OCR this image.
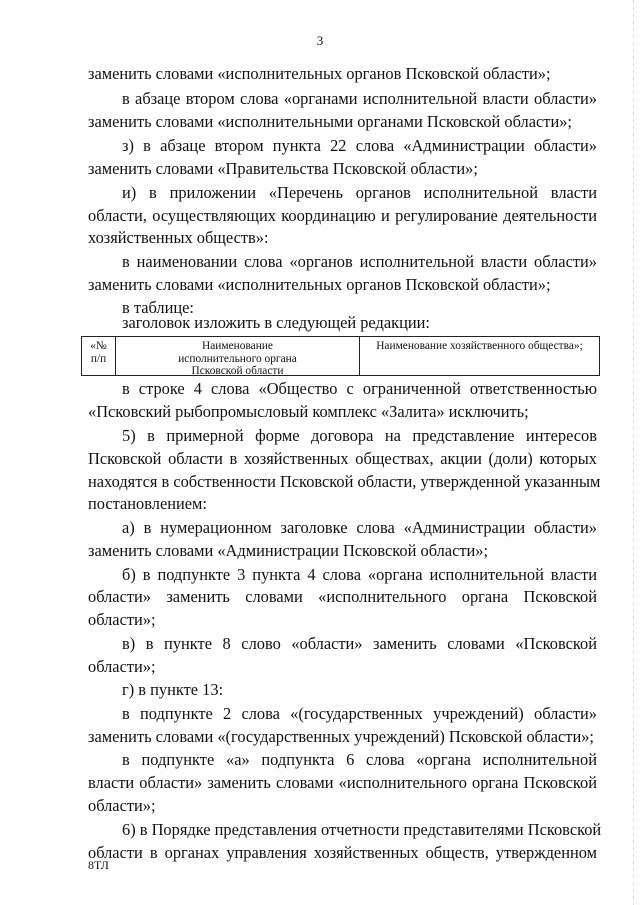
3
заменить словами «исполнительных органов Псковской области»;
в абзаце втором слова «органами исполнительной власти области»
заменить словами «исполнительными органами Псковской области»;
з) в абзаце втором пункта 22 слова «Администрации области»
заменить словами «Правительства Псковской области»;
и) в приложении «Перечень органов исполнительной власти
области, осуществляющих координацию и регулирование деятельности
хозяйственных обществ»:
в наименовании слова «органов исполнительной власти области»
заменить словами «исполнительных органов Псковской области»;
в таблице:
заголовок изложить в следующей редакции:
«№
п/п
Наименование
исполнительного органа
Псковской области
Наименование хозяйственного общества»;
в строке 4 слова «Общество с ограниченной ответственностью
«Псковский рыбопромысловый комплекс «Залита» исключить;
5) в примерной форме договора на представление интересов
Псковской области в хозяйственных обществах, акции (доли) которых
находятся в собственности Псковской области, утвержденной указанным
постановлением:
а) в нумерационном заголовке слова «Администрации области»
заменить словами «Администрации Псковской области»;
б) в подпункте 3 пункта 4 слова «органа исполнительной власти
области» заменить словами «исполнительного органа Псковской
области»;
в) в пункте 8 слово «области» заменить словами «Псковской
области»;
г) в пункте 13:
в подпункте 2 слова «(государственных учреждений) области»
заменить словами «(государственных учреждений) Псковской области»;
в подпункте «а» подпункта 6 слова «органа исполнительной
власти области» заменить словами «исполнительного органа Псковской
области»;
6) в Порядке представления отчетности представителями Псковской
области в органах управления хозяйственных обществ, утвержденном
8ТЛ
